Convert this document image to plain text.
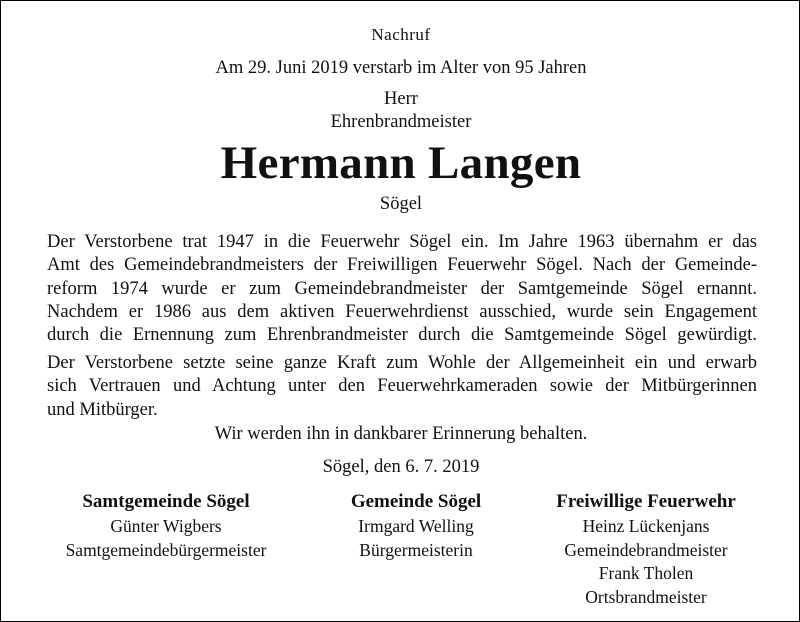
Nachruf
Am 29. Juni 2019 verstarb im Alter von 95 Jahren
Herr
Ehrenbrandmeister
Hermann Langen
Sögel
Der Verstorbene trat 1947 in die Feuerwehr Sögel ein. Im Jahre 1963 übernahm er das
Amt des Gemeindebrandmeisters der Freiwilligen Feuerwehr Sögel. Nach der Gemeinde-
reform 1974 wurde er zum Gemeindebrandmeister der Samtgemeinde Sögel ernannt.
Nachdem er 1986 aus dem aktiven Feuerwehrdienst ausschied, wurde sein Engagement
durch die Ernennung zum Ehrenbrandmeister durch die Samtgemeinde Sögel gewürdigt.
Der Verstorbene setzte seine ganze Kraft zum Wohle der Allgemeinheit ein und erwarb
sich Vertrauen und Achtung unter den Feuerwehrkameraden sowie der Mitbürgerinnen
und Mitbürger.
Wir werden ihn in dankbarer Erinnerung behalten.
Sögel, den 6. 7. 2019
Samtgemeinde Sögel
Günter Wigbers
Samtgemeindebürgermeister
Gemeinde Sögel
Irmgard Welling
Bürgermeisterin
Freiwillige Feuerwehr
Heinz Lückenjans
Gemeindebrandmeister
Frank Tholen
Ortsbrandmeister
